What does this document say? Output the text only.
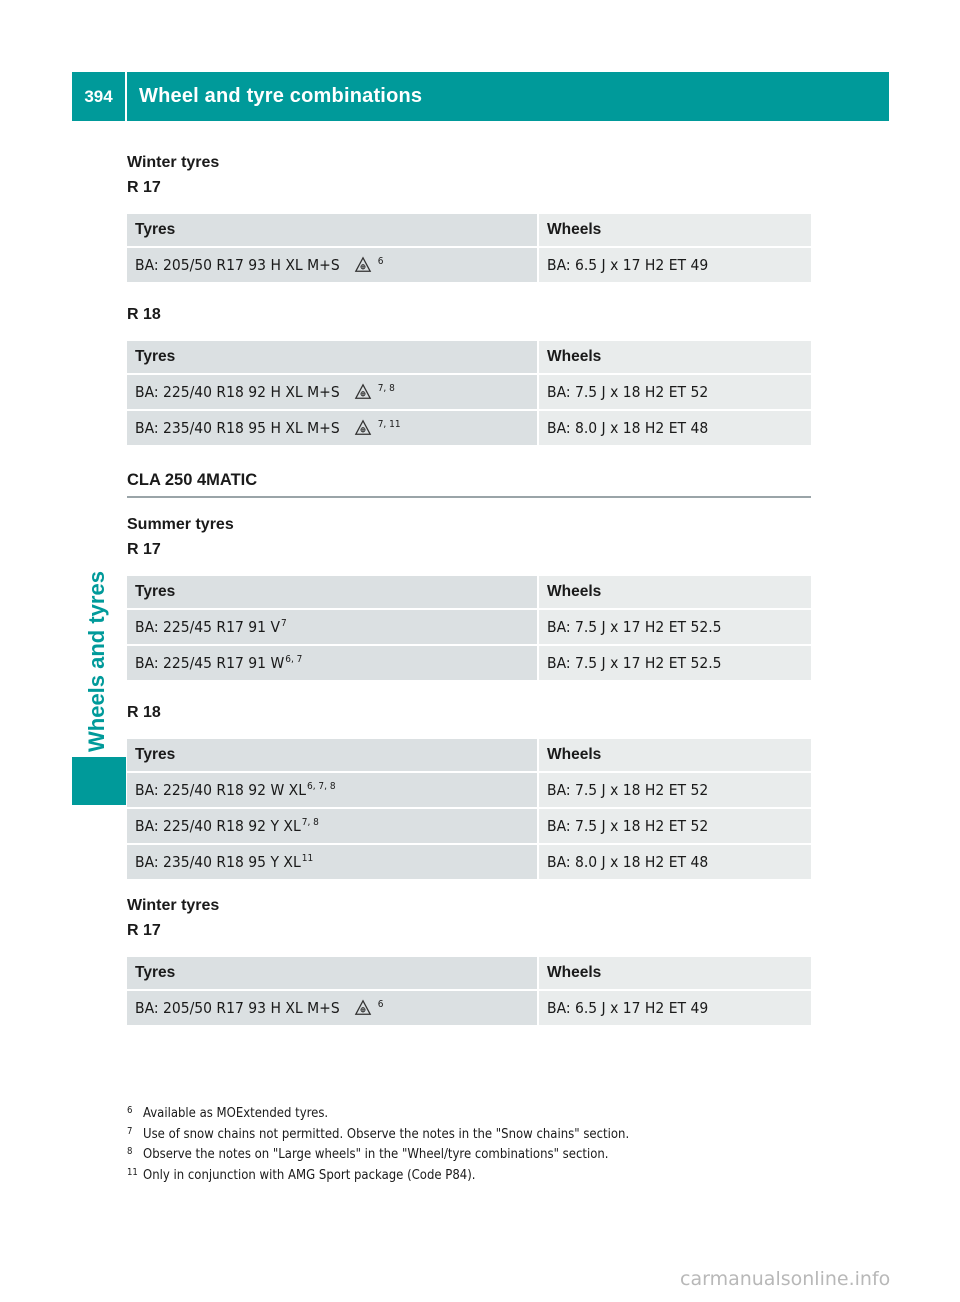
394	Wheel and tyre combinations
Wheels and tyres
Winter tyres
R 17
Tyres	Wheels
BA: 205/50 R17 93 H XL M+S $^6$	BA: 6.5 J x 17 H2 ET 49
R 18
Tyres	Wheels
BA: 225/40 R18 92 H XL M+S $^{7, 8}$	BA: 7.5 J x 18 H2 ET 52
BA: 235/40 R18 95 H XL M+S $^{7, 11}$	BA: 8.0 J x 18 H2 ET 48
CLA 250 4MATIC
Summer tyres
R 17
Tyres	Wheels
BA: 225/45 R17 91 $V^7$	BA: 7.5 J x 17 H2 ET 52.5
BA: 225/45 R17 91 W$^{6, 7}$	BA: 7.5 J x 17 H2 ET 52.5
R 18
Tyres	Wheels
BA: 225/40 R18 92 W XL$^{6, 7, 8}$	BA: 7.5 J x 18 H2 ET 52
BA: 225/40 R18 92 Y XL$^{7, 8}$	BA: 7.5 J x 18 H2 ET 52
BA: 235/40 R18 95 Y XL$^{11}$	BA: 8.0 J x 18 H2 ET 48
Winter tyres
R 17
Tyres	Wheels
BA: 205/50 R17 93 H XL M+S $^6$	BA: 6.5 J x 17 H2 ET 49
6 Available as MOExtended tyres.
7 Use of snow chains not permitted. Observe the notes in the "Snow chains" section.
8 Observe the notes on "Large wheels" in the "Wheel/tyre combinations" section.
11 Only in conjunction with AMG Sport package (Code P84).
carmanualsonline.info
